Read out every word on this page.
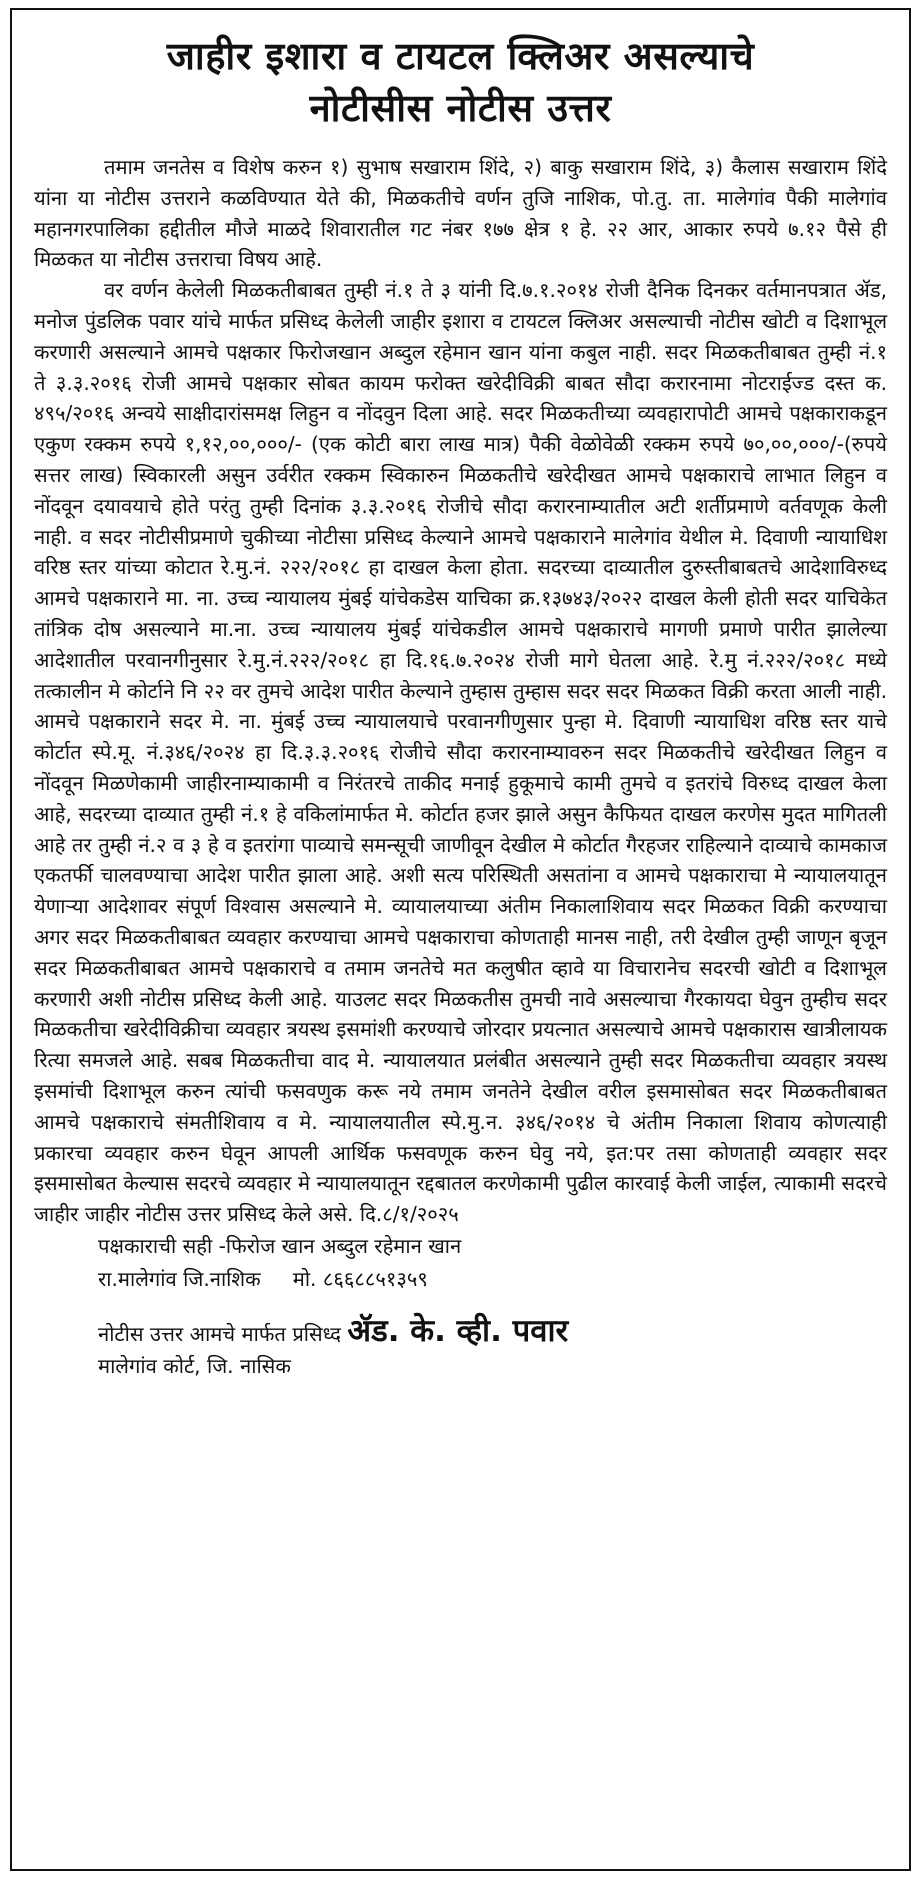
जाहीर इशारा व टायटल क्लिअर असल्याचे
नोटीसीस नोटीस उत्तर

तमाम जनतेस व विशेष करुन १) सुभाष सखाराम शिंदे, २) बाकु सखाराम शिंदे, ३) कैलास सखाराम शिंदे यांना या नोटीस उत्तराने कळविण्यात येते की, मिळकतीचे वर्णन तुजि नाशिक, पो.तु. ता. मालेगांव पैकी मालेगांव महानगरपालिका हद्दीतील मौजे माळदे शिवारातील गट नंबर १७७ क्षेत्र १ हे. २२ आर, आकार रुपये ७.१२ पैसे ही मिळकत या नोटीस उत्तराचा विषय आहे.

वर वर्णन केलेली मिळकतीबाबत तुम्ही नं.१ ते ३ यांनी दि.७.१.२०१४ रोजी दैनिक दिनकर वर्तमानपत्रात ॲड, मनोज पुंडलिक पवार यांचे मार्फत प्रसिध्द केलेली जाहीर इशारा व टायटल क्लिअर असल्याची नोटीस खोटी व दिशाभूल करणारी असल्याने आमचे पक्षकार फिरोजखान अब्दुल रहेमान खान यांना कबुल नाही. सदर मिळकतीबाबत तुम्ही नं.१ ते ३.३.२०१६ रोजी आमचे पक्षकार सोबत कायम फरोक्त खरेदीविक्री बाबत सौदा करारनामा नोटराईज्ड दस्त क. ४९५/२०१६ अन्वये साक्षीदारांसमक्ष लिहुन व नोंदवुन दिला आहे. सदर मिळकतीच्या व्यवहारापोटी आमचे पक्षकाराकडून एकुण रक्कम रुपये १,१२,००,०००/- (एक कोटी बारा लाख मात्र) पैकी वेळोवेळी रक्कम रुपये ७०,००,०००/-(रुपये सत्तर लाख) स्विकारली असुन उर्वरीत रक्कम स्विकारुन मिळकतीचे खरेदीखत आमचे पक्षकाराचे लाभात लिहुन व नोंदवून दयावयाचे होते परंतु तुम्ही दिनांक ३.३.२०१६ रोजीचे सौदा करारनाम्यातील अटी शर्तीप्रमाणे वर्तवणूक केली नाही. व सदर नोटीसीप्रमाणे चुकीच्या नोटीसा प्रसिध्द केल्याने आमचे पक्षकाराने मालेगांव येथील मे. दिवाणी न्यायाधिश वरिष्ठ स्तर यांच्या कोटात रे.मु.नं. २२२/२०१८ हा दाखल केला होता. सदरच्या दाव्यातील दुरुस्तीबाबतचे आदेशाविरुध्द आमचे पक्षकाराने मा. ना. उच्च न्यायालय मुंबई यांचेकडेस याचिका क्र.१३७४३/२०२२ दाखल केली होती सदर याचिकेत तांत्रिक दोष असल्याने मा.ना. उच्च न्यायालय मुंबई यांचेकडील आमचे पक्षकाराचे मागणी प्रमाणे पारीत झालेल्या आदेशातील परवानगीनुसार रे.मु.नं.२२२/२०१८ हा दि.१६.७.२०२४ रोजी मागे घेतला आहे. रे.मु नं.२२२/२०१८ मध्ये तत्कालीन मे कोर्टाने नि २२ वर तुमचे आदेश पारीत केल्याने तुम्हास तुम्हास सदर सदर मिळकत विक्री करता आली नाही. आमचे पक्षकाराने सदर मे. ना. मुंबई उच्च न्यायालयाचे परवानगीणुसार पुन्हा मे. दिवाणी न्यायाधिश वरिष्ठ स्तर याचे कोर्टात स्पे.मू. नं.३४६/२०२४ हा दि.३.३.२०१६ रोजीचे सौदा करारनाम्यावरुन सदर मिळकतीचे खरेदीखत लिहुन व नोंदवून मिळणेकामी जाहीरनाम्याकामी व निरंतरचे ताकीद मनाई हुकूमाचे कामी तुमचे व इतरांचे विरुध्द दाखल केला आहे, सदरच्या दाव्यात तुम्ही नं.१ हे वकिलांमार्फत मे. कोर्टात हजर झाले असुन कैफियत दाखल करणेस मुदत मागितली आहे तर तुम्ही नं.२ व ३ हे व इतरांगा पाव्याचे समन्सूची जाणीवून देखील मे कोर्टात गैरहजर राहिल्याने दाव्याचे कामकाज एकतर्फी चालवण्याचा आदेश पारीत झाला आहे. अशी सत्य परिस्थिती असतांना व आमचे पक्षकाराचा मे न्यायालयातून येणाऱ्या आदेशावर संपूर्ण विश्वास असल्याने मे. व्यायालयाच्या अंतीम निकालाशिवाय सदर मिळकत विक्री करण्याचा अगर सदर मिळकतीबाबत व्यवहार करण्याचा आमचे पक्षकाराचा कोणताही मानस नाही, तरी देखील तुम्ही जाणून बृजून सदर मिळकतीबाबत आमचे पक्षकाराचे व तमाम जनतेचे मत कलुषीत व्हावे या विचारानेच सदरची खोटी व दिशाभूल करणारी अशी नोटीस प्रसिध्द केली आहे. याउलट सदर मिळकतीस तुमची नावे असल्याचा गैरकायदा घेवुन तुम्हीच सदर मिळकतीचा खरेदीविक्रीचा व्यवहार त्रयस्थ इसमांशी करण्याचे जोरदार प्रयत्नात असल्याचे आमचे पक्षकारास खात्रीलायक रित्या समजले आहे. सबब मिळकतीचा वाद मे. न्यायालयात प्रलंबीत असल्याने तुम्ही सदर मिळकतीचा व्यवहार त्रयस्थ इसमांची दिशाभूल करुन त्यांची फसवणुक करू नये तमाम जनतेने देखील वरील इसमासोबत सदर मिळकतीबाबत आमचे पक्षकाराचे संमतीशिवाय व मे. न्यायालयातील स्पे.मु.न. ३४६/२०१४ चे अंतीम निकाला शिवाय कोणत्याही प्रकारचा व्यवहार करुन घेवून आपली आर्थिक फसवणूक करुन घेवु नये, इत:पर तसा कोणताही व्यवहार सदर इसमासोबत केल्यास सदरचे व्यवहार मे न्यायालयातून रद्दबातल करणेकामी पुढील कारवाई केली जाईल, त्याकामी सदरचे जाहीर जाहीर नोटीस उत्तर प्रसिध्द केले असे. दि.८/१/२०२५

पक्षकाराची सही -फिरोज खान अब्दुल रहेमान खान
रा.मालेगांव जि.नाशिक मो. ८६६८८५१३५९
नोटीस उत्तर आमचे मार्फत प्रसिध्द ॲड. के. व्ही. पवार
मालेगांव कोर्ट, जि. नासिक
